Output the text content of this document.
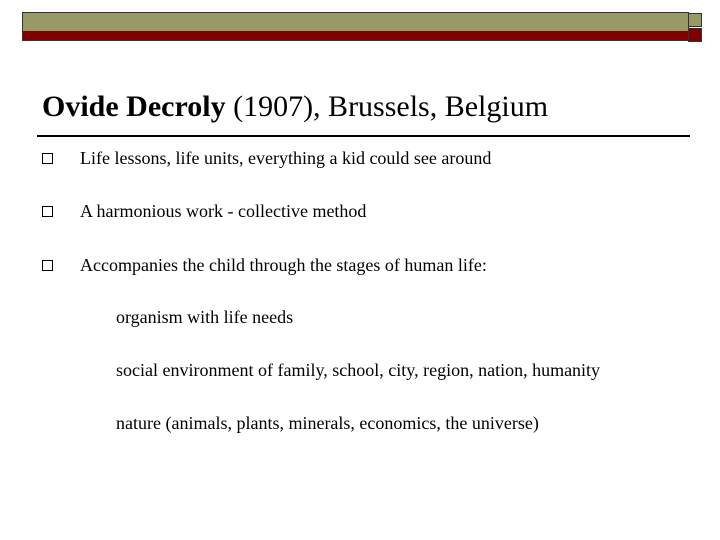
Ovide Decroly (1907), Brussels, Belgium
Life lessons, life units, everything a kid could see around
A harmonious work - collective method
Accompanies the child through the stages of human life:
organism with life needs
social environment of family, school, city, region, nation, humanity
nature (animals, plants, minerals, economics, the universe)
